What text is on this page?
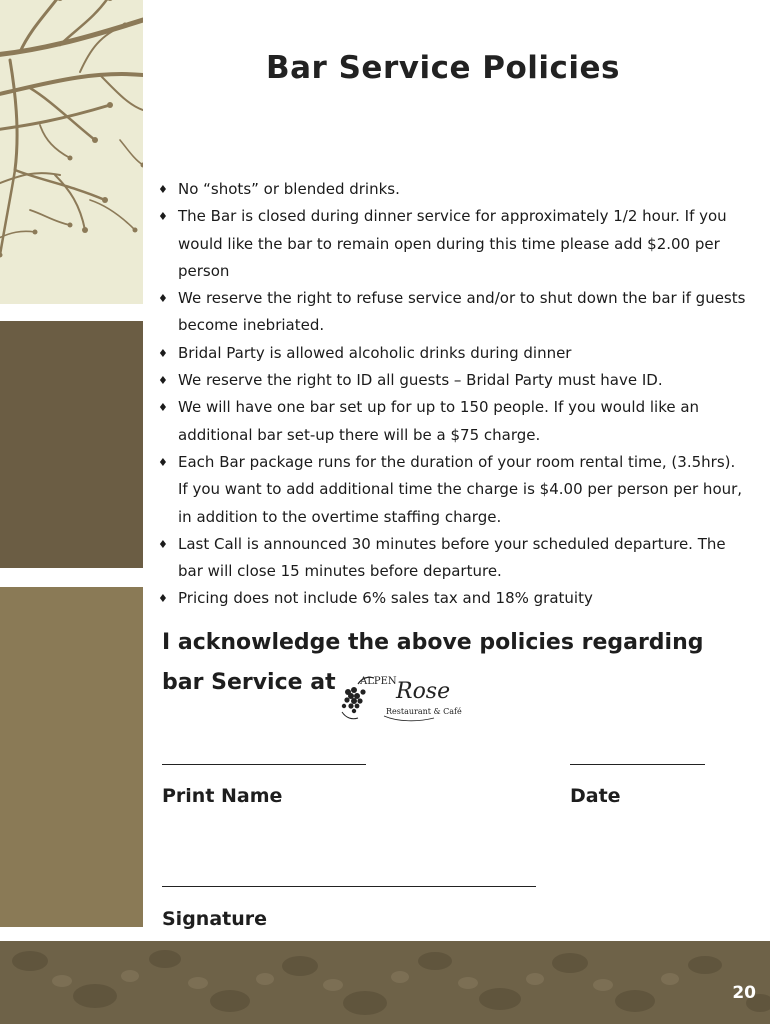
Bar Service Policies
♦ No “shots” or blended drinks.
♦ The Bar is closed during dinner service for approximately 1/2 hour. If you would like the bar to remain open during this time please add $2.00 per person
♦ We reserve the right to refuse service and/or to shut down the bar if guests become inebriated.
♦ Bridal Party is allowed alcoholic drinks during dinner
♦ We reserve the right to ID all guests – Bridal Party must have ID.
♦ We will have one bar set up for up to 150 people. If you would like an additional bar set-up there will be a $75 charge.
♦ Each Bar package runs for the duration of your room rental time, (3.5hrs). If you want to add additional time the charge is $4.00 per person per hour, in addition to the overtime staffing charge.
♦ Last Call is announced 30 minutes before your scheduled departure. The bar will close 15 minutes before departure.
♦ Pricing does not include 6% sales tax and 18% gratuity
I acknowledge the above policies regarding
bar Service at	ALPEN Rose
Restaurant & Café
Print Name	Date
Signature
20
